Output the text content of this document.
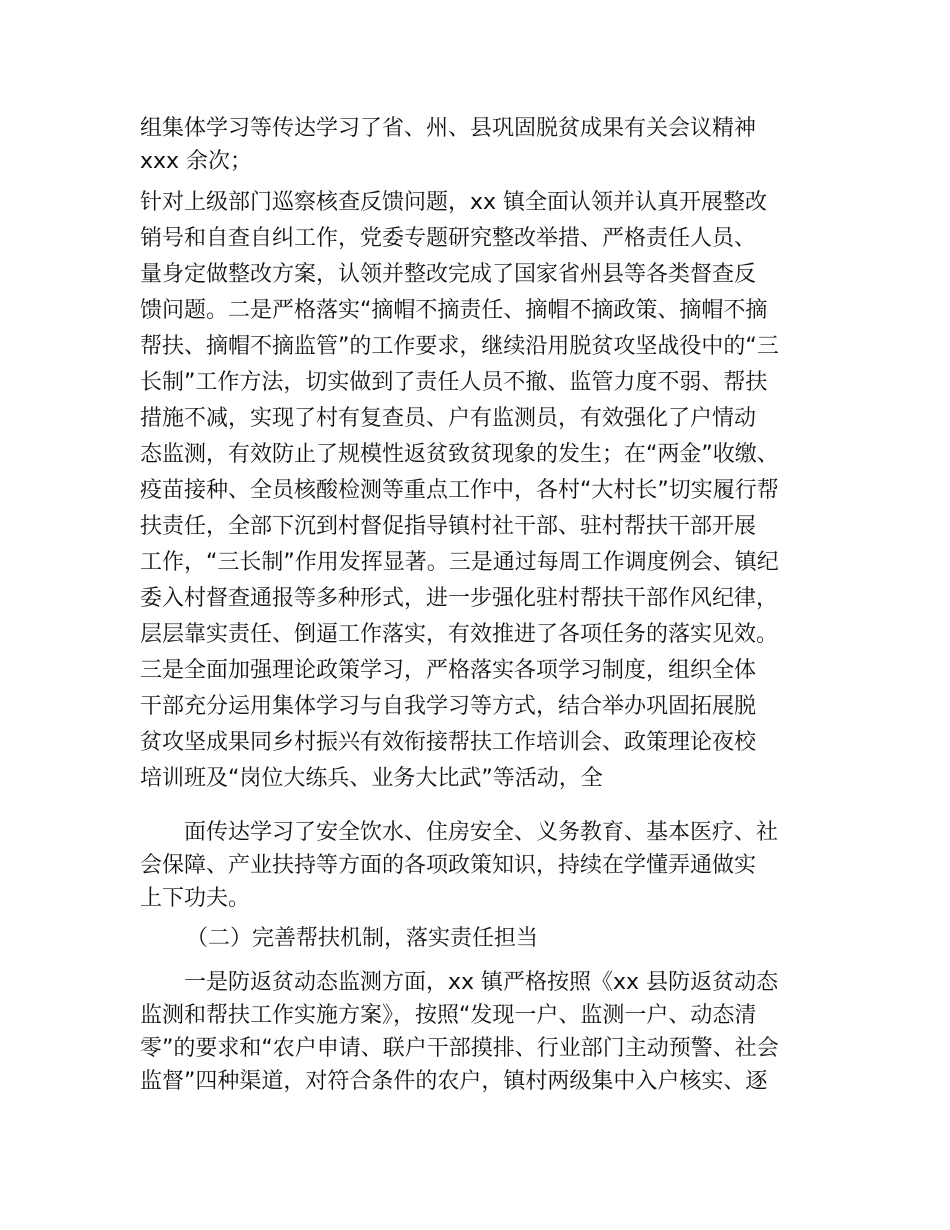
组集体学习等传达学习了省、州、县巩固脱贫成果有关会议精神
xxx 余次；
针对上级部门巡察核查反馈问题，xx 镇全面认领并认真开展整改
销号和自查自纠工作，党委专题研究整改举措、严格责任人员、
量身定做整改方案，认领并整改完成了国家省州县等各类督查反
馈问题。二是严格落实“摘帽不摘责任、摘帽不摘政策、摘帽不摘
帮扶、摘帽不摘监管”的工作要求，继续沿用脱贫攻坚战役中的“三
长制”工作方法，切实做到了责任人员不撤、监管力度不弱、帮扶
措施不减，实现了村有复查员、户有监测员，有效强化了户情动
态监测，有效防止了规模性返贫致贫现象的发生；在“两金”收缴、
疫苗接种、全员核酸检测等重点工作中，各村“大村长”切实履行帮
扶责任，全部下沉到村督促指导镇村社干部、驻村帮扶干部开展
工作，“三长制”作用发挥显著。三是通过每周工作调度例会、镇纪
委入村督查通报等多种形式，进一步强化驻村帮扶干部作风纪律，
层层靠实责任、倒逼工作落实，有效推进了各项任务的落实见效。
三是全面加强理论政策学习，严格落实各项学习制度，组织全体
干部充分运用集体学习与自我学习等方式，结合举办巩固拓展脱
贫攻坚成果同乡村振兴有效衔接帮扶工作培训会、政策理论夜校
培训班及“岗位大练兵、业务大比武”等活动，全
　　面传达学习了安全饮水、住房安全、义务教育、基本医疗、社
会保障、产业扶持等方面的各项政策知识，持续在学懂弄通做实
上下功夫。
（二）完善帮扶机制，落实责任担当
　　一是防返贫动态监测方面，xx 镇严格按照《xx 县防返贫动态
监测和帮扶工作实施方案》，按照“发现一户、监测一户、动态清
零”的要求和“农户申请、联户干部摸排、行业部门主动预警、社会
监督”四种渠道，对符合条件的农户，镇村两级集中入户核实、逐
